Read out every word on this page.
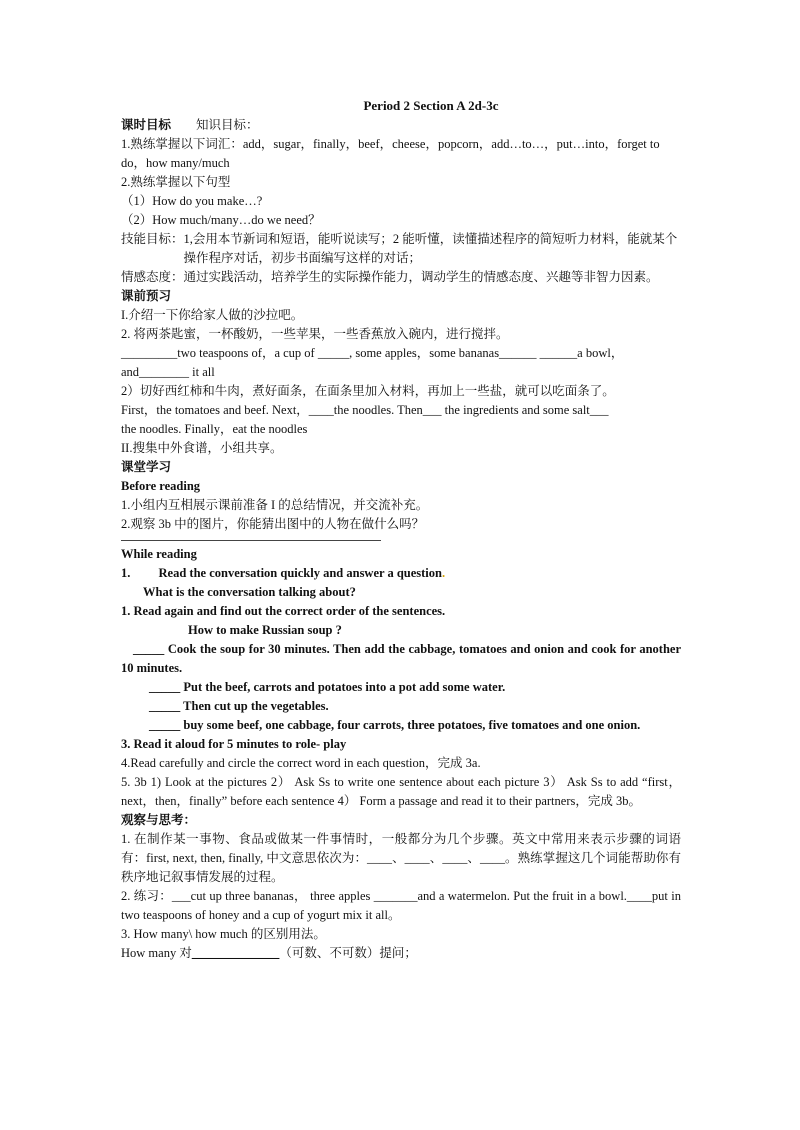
Period 2 Section A 2d-3c
课时目标 知识目标：
1.熟练掌握以下词汇：add，sugar，finally，beef，cheese，popcorn，add…to…，put…into，forget to do，how many/much
2.熟练掌握以下句型
（1）How do you make…?
（2）How much/many…do we need？
技能目标： 1,会用本节新词和短语，能听说读写；2 能听懂，读懂描述程序的简短听力材料，能就某个操作程序对话，初步书面编写这样的对话；
情感态度： 通过实践活动，培养学生的实际操作能力，调动学生的情感态度、兴趣等非智力因素。
课前预习
I.介绍一下你给家人做的沙拉吧。
2. 将两茶匙蜜，一杯酸奶，一些苹果，一些香蕉放入碗内，进行搅拌。
_________two teaspoons of，a cup of _____, some apples，some bananas______ ______a bowl，
and________ it all
2）切好西红柿和牛肉，煮好面条，在面条里加入材料，再加上一些盐，就可以吃面条了。
First，the tomatoes and beef. Next，____the noodles. Then___ the ingredients and some salt___
the noodles. Finally，eat the noodles
II.搜集中外食谱，小组共享。
课堂学习
Before reading
1.小组内互相展示课前准备 I 的总结情况，并交流补充。
2.观察 3b 中的图片，你能猜出图中的人物在做什么吗？
While reading
1. Read the conversation quickly and answer a question.
What is the conversation talking about?
1. Read again and find out the correct order of the sentences.
How to make Russian soup ?
_____ Cook the soup for 30 minutes. Then add the cabbage, tomatoes and onion and cook for another 10 minutes.
_____ Put the beef, carrots and potatoes into a pot add some water.
_____ Then cut up the vegetables.
_____ buy some beef, one cabbage, four carrots, three potatoes, five tomatoes and one onion.
3. Read it aloud for 5 minutes to role- play
4.Read carefully and circle the correct word in each question，完成 3a.
5. 3b 1) Look at the pictures 2） Ask Ss to write one sentence about each picture 3） Ask Ss to add “first，next，then，finally” before each sentence 4） Form a passage and read it to their partners，完成 3b。
观察与思考：
1. 在制作某一事物、食品或做某一件事情时，一般都分为几个步骤。英文中常用来表示步骤的词语有：first, next, then, finally, 中文意思依次为：____、____、____、____。熟练掌握这几个词能帮助你有秩序地记叙事情发展的过程。
2. 练习：___cut up three bananas， three apples _______and a watermelon. Put the fruit in a bowl.____put in two teaspoons of honey and a cup of yogurt mix it all。
3. How many\ how much 的区别用法。
How many 对______________（可数、不可数）提问；
